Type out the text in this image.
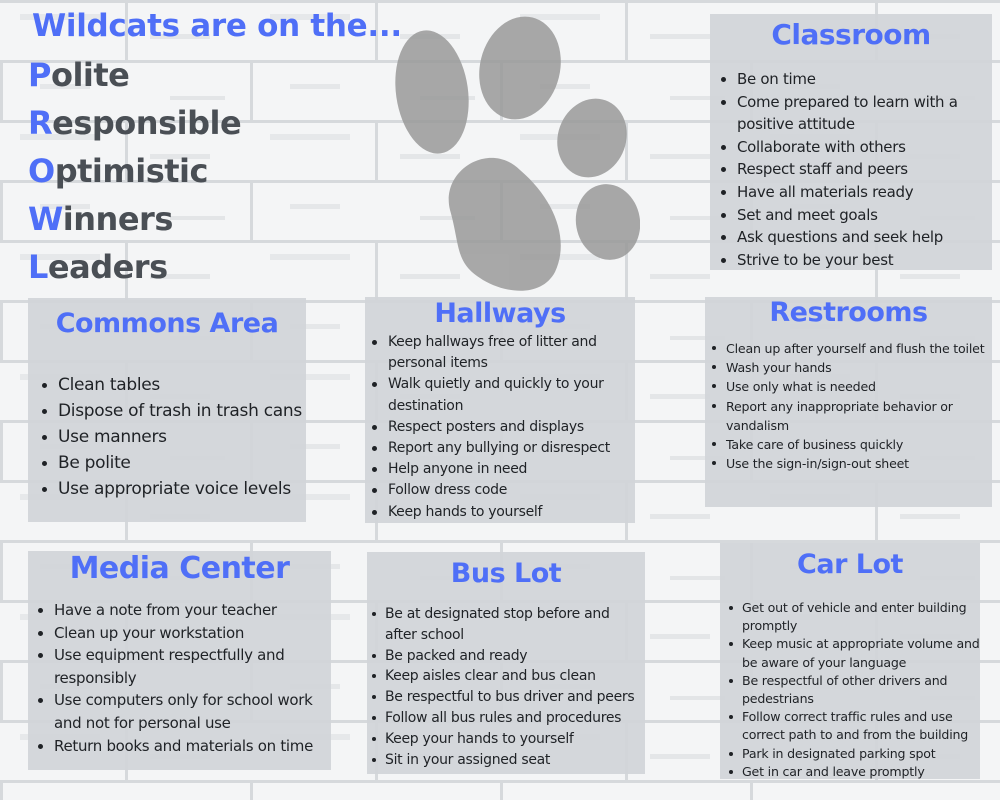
Wildcats are on the...
Polite
Responsible
Optimistic
Winners
Leaders
Classroom
Be on time
Come prepared to learn with a positive attitude
Collaborate with others
Respect staff and peers
Have all materials ready
Set and meet goals
Ask questions and seek help
Strive to be your best
Commons Area
Clean tables
Dispose of trash in trash cans
Use manners
Be polite
Use appropriate voice levels
Hallways
Keep hallways free of litter and personal items
Walk quietly and quickly to your destination
Respect posters and displays
Report any bullying or disrespect
Help anyone in need
Follow dress code
Keep hands to yourself
Restrooms
Clean up after yourself and flush the toilet
Wash your hands
Use only what is needed
Report any inappropriate behavior or vandalism
Take care of business quickly
Use the sign-in/sign-out sheet
Media Center
Have a note from your teacher
Clean up your workstation
Use equipment respectfully and responsibly
Use computers only for school work and not for personal use
Return books and materials on time
Bus Lot
Be at designated stop before and after school
Be packed and ready
Keep aisles clear and bus clean
Be respectful to bus driver and peers
Follow all bus rules and procedures
Keep your hands to yourself
Sit in your assigned seat
Car Lot
Get out of vehicle and enter building promptly
Keep music at appropriate volume and be aware of your language
Be respectful of other drivers and pedestrians
Follow correct traffic rules and use correct path to and from the building
Park in designated parking spot
Get in car and leave promptly
